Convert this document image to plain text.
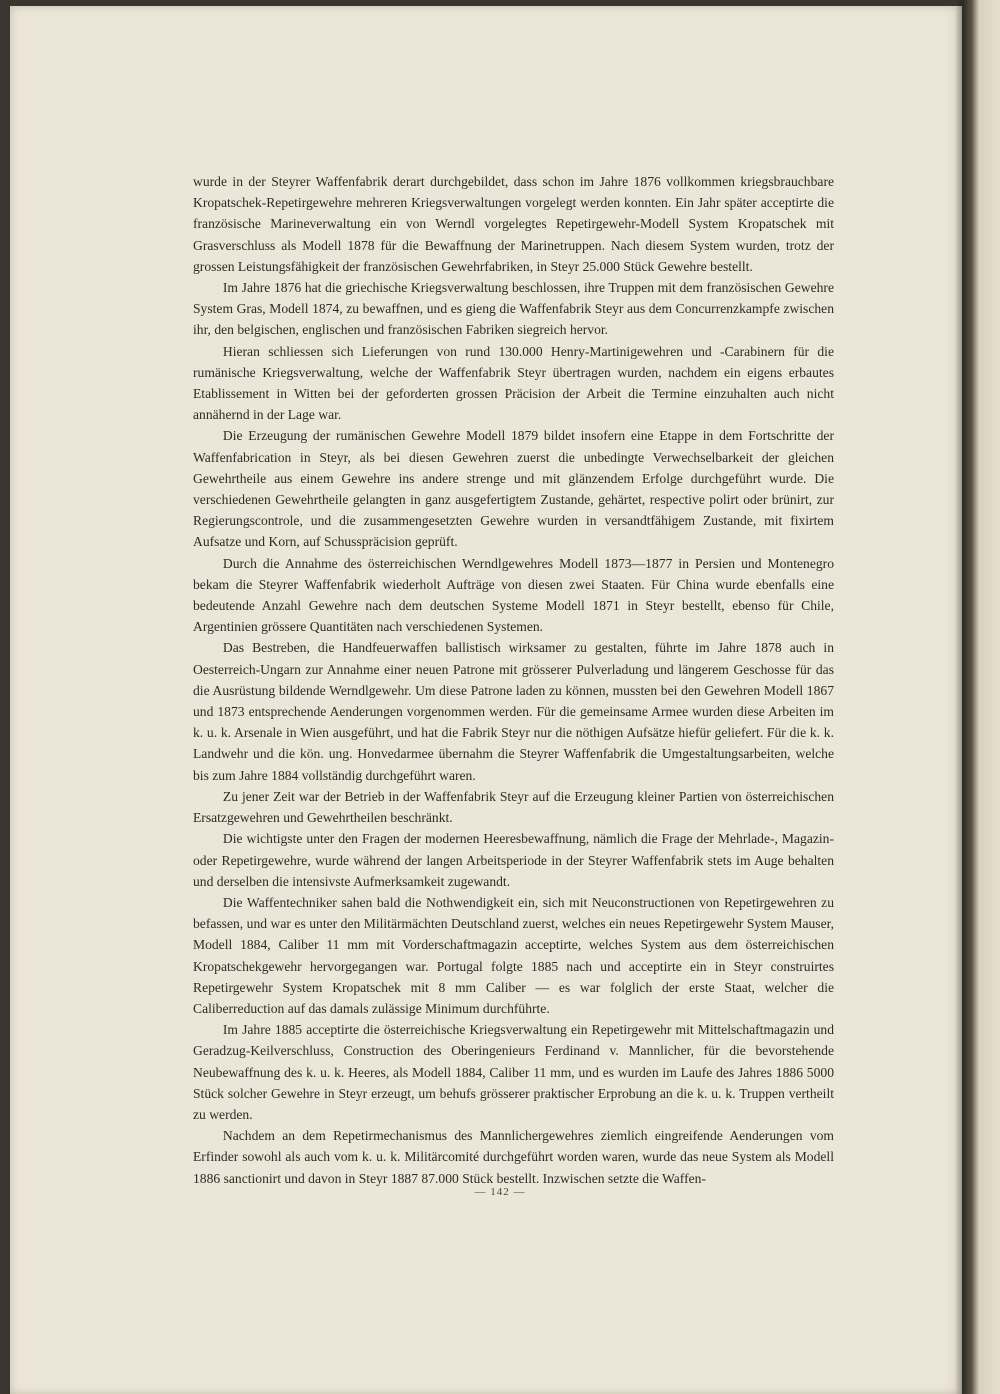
wurde in der Steyrer Waffenfabrik derart durchgebildet, dass schon im Jahre 1876 vollkommen kriegsbrauchbare Kropatschek-Repetirgewehre mehreren Kriegsverwaltungen vorgelegt werden konnten. Ein Jahr später acceptirte die französische Marineverwaltung ein von Werndl vorgelegtes Repetirgewehr-Modell System Kropatschek mit Grasverschluss als Modell 1878 für die Bewaffnung der Marinetruppen. Nach diesem System wurden, trotz der grossen Leistungsfähigkeit der französischen Gewehrfabriken, in Steyr 25.000 Stück Gewehre bestellt.

Im Jahre 1876 hat die griechische Kriegsverwaltung beschlossen, ihre Truppen mit dem französischen Gewehre System Gras, Modell 1874, zu bewaffnen, und es gieng die Waffenfabrik Steyr aus dem Concurrenzkampfe zwischen ihr, den belgischen, englischen und französischen Fabriken siegreich hervor.

Hieran schliessen sich Lieferungen von rund 130.000 Henry-Martinigewehren und -Carabinern für die rumänische Kriegsverwaltung, welche der Waffenfabrik Steyr übertragen wurden, nachdem ein eigens erbautes Etablissement in Witten bei der geforderten grossen Präcision der Arbeit die Termine einzuhalten auch nicht annähernd in der Lage war.

Die Erzeugung der rumänischen Gewehre Modell 1879 bildet insofern eine Etappe in dem Fortschritte der Waffenfabrication in Steyr, als bei diesen Gewehren zuerst die unbedingte Verwechselbarkeit der gleichen Gewehrtheile aus einem Gewehre ins andere strenge und mit glänzendem Erfolge durchgeführt wurde. Die verschiedenen Gewehrtheile gelangten in ganz ausgefertigtem Zustande, gehärtet, respective polirt oder brünirt, zur Regierungscontrole, und die zusammengesetzten Gewehre wurden in versandtfähigem Zustande, mit fixirtem Aufsatze und Korn, auf Schusspräcision geprüft.

Durch die Annahme des österreichischen Werndlgewehres Modell 1873—1877 in Persien und Montenegro bekam die Steyrer Waffenfabrik wiederholt Aufträge von diesen zwei Staaten. Für China wurde ebenfalls eine bedeutende Anzahl Gewehre nach dem deutschen Systeme Modell 1871 in Steyr bestellt, ebenso für Chile, Argentinien grössere Quantitäten nach verschiedenen Systemen.

Das Bestreben, die Handfeuerwaffen ballistisch wirksamer zu gestalten, führte im Jahre 1878 auch in Oesterreich-Ungarn zur Annahme einer neuen Patrone mit grösserer Pulverladung und längerem Geschosse für das die Ausrüstung bildende Werndlgewehr. Um diese Patrone laden zu können, mussten bei den Gewehren Modell 1867 und 1873 entsprechende Aenderungen vorgenommen werden. Für die gemeinsame Armee wurden diese Arbeiten im k. u. k. Arsenale in Wien ausgeführt, und hat die Fabrik Steyr nur die nöthigen Aufsätze hiefür geliefert. Für die k. k. Landwehr und die kön. ung. Honvedarmee übernahm die Steyrer Waffenfabrik die Umgestaltungsarbeiten, welche bis zum Jahre 1884 vollständig durchgeführt waren.

Zu jener Zeit war der Betrieb in der Waffenfabrik Steyr auf die Erzeugung kleiner Partien von österreichischen Ersatzgewehren und Gewehrtheilen beschränkt.

Die wichtigste unter den Fragen der modernen Heeresbewaffnung, nämlich die Frage der Mehrlade-, Magazin- oder Repetirgewehre, wurde während der langen Arbeitsperiode in der Steyrer Waffenfabrik stets im Auge behalten und derselben die intensivste Aufmerksamkeit zugewandt.

Die Waffentechniker sahen bald die Nothwendigkeit ein, sich mit Neuconstructionen von Repetirgewehren zu befassen, und war es unter den Militärmächten Deutschland zuerst, welches ein neues Repetirgewehr System Mauser, Modell 1884, Caliber 11 mm mit Vorderschaftmagazin acceptirte, welches System aus dem österreichischen Kropatschekgewehr hervorgegangen war. Portugal folgte 1885 nach und acceptirte ein in Steyr construirtes Repetirgewehr System Kropatschek mit 8 mm Caliber — es war folglich der erste Staat, welcher die Caliberreduction auf das damals zulässige Minimum durchführte.

Im Jahre 1885 acceptirte die österreichische Kriegsverwaltung ein Repetirgewehr mit Mittelschaftmagazin und Geradzug-Keilverschluss, Construction des Oberingenieurs Ferdinand v. Mannlicher, für die bevorstehende Neubewaffnung des k. u. k. Heeres, als Modell 1884, Caliber 11 mm, und es wurden im Laufe des Jahres 1886 5000 Stück solcher Gewehre in Steyr erzeugt, um behufs grösserer praktischer Erprobung an die k. u. k. Truppen vertheilt zu werden.

Nachdem an dem Repetirmechanismus des Mannlichergewehres ziemlich eingreifende Aenderungen vom Erfinder sowohl als auch vom k. u. k. Militärcomité durchgeführt worden waren, wurde das neue System als Modell 1886 sanctionirt und davon in Steyr 1887 87.000 Stück bestellt. Inzwischen setzte die Waffen-

— 142 —
